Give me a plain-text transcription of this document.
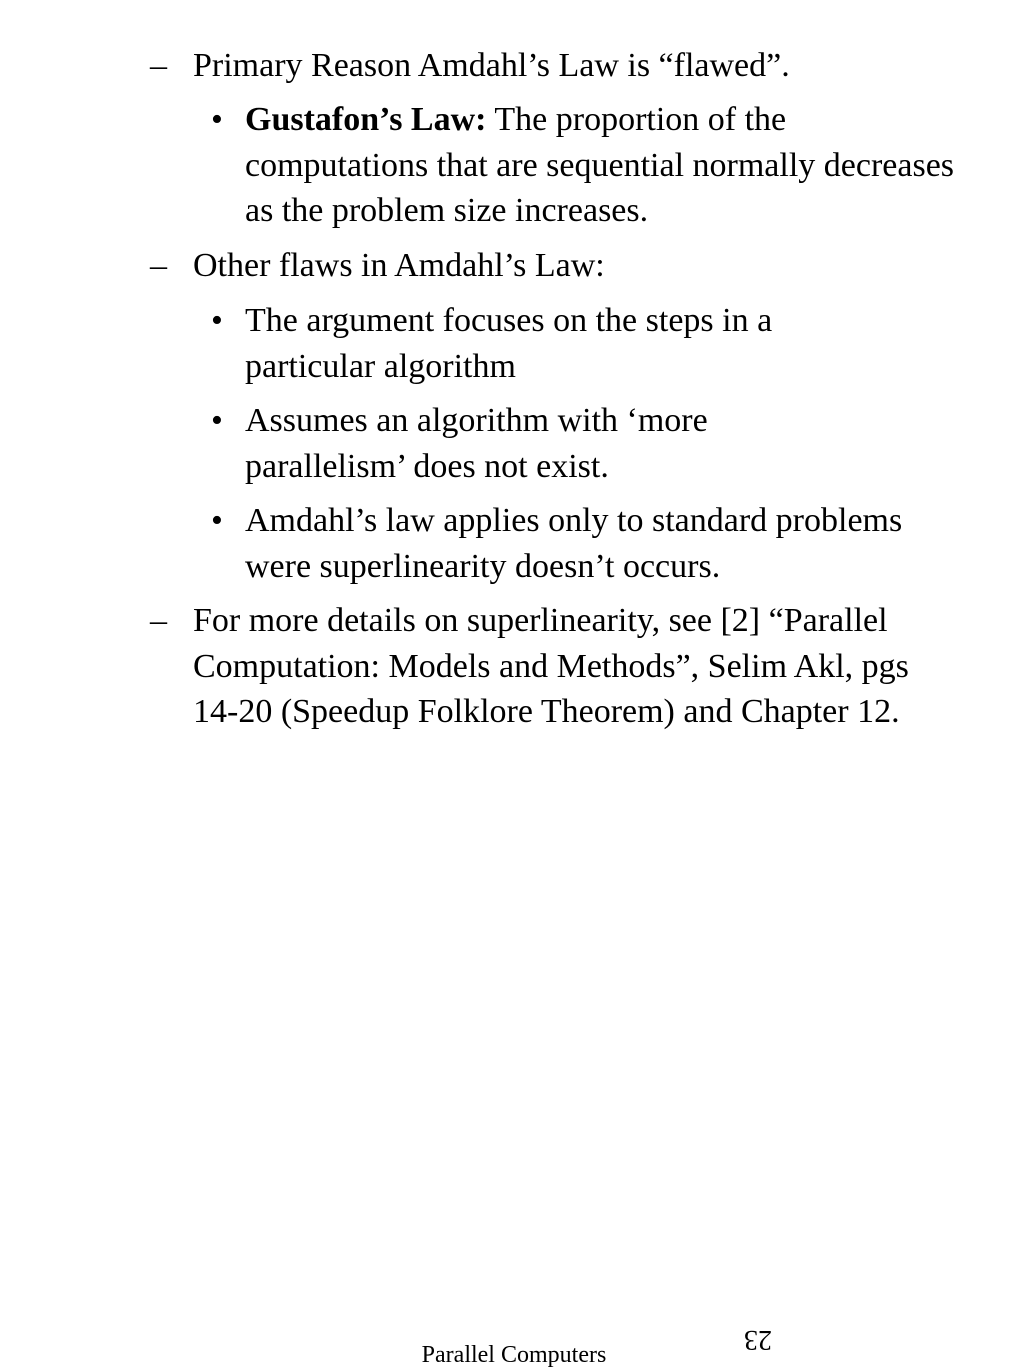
– Primary Reason Amdahl’s Law is “flawed”.

• Gustafon’s Law: The proportion of the computations that are sequential normally decreases as the problem size increases.

– Other flaws in Amdahl’s Law:

• The argument focuses on the steps in a particular algorithm

• Assumes an algorithm with ‘more parallelism’ does not exist.

• Amdahl’s law applies only to standard problems were superlinearity doesn’t occurs.

– For more details on superlinearity, see [2] “Parallel Computation: Models and Methods”, Selim Akl, pgs 14-20 (Speedup Folklore Theorem) and Chapter 12.

Parallel Computers	23
